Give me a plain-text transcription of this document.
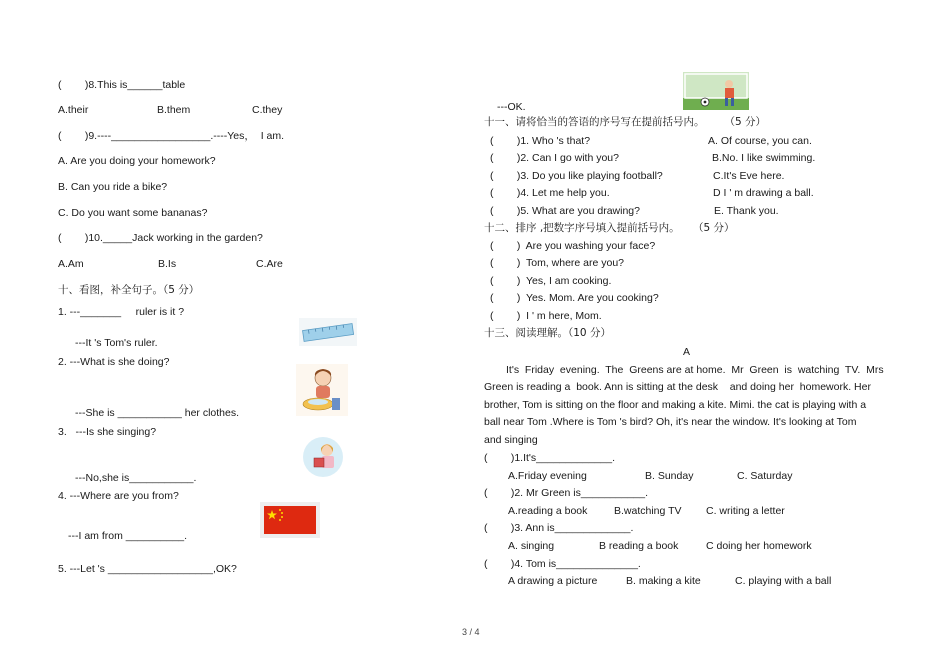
(        )8.This is______table
A.their	B.them	C.they
(        )9.----_________________.----Yes，  I am.
A. Are you doing your homework?
B. Can you ride a bike?
C. Do you want some bananas?
(        )10._____Jack working in the garden?
A.Am	B.Is	C.Are
十、看图，补全句子。（5 分）
1. ---_______     ruler is it ?
---It 's Tom's ruler.
2. ---What is she doing?
---She is ___________ her clothes.
3.   ---Is she singing?
---No,she is___________.
4. ---Where are you from?
---I am from __________.
5. ---Let 's __________________,OK?
---OK.
十一、请将恰当的答语的序号写在提前括号内。      （5 分）
(        )1. Who 's that?	A. Of course, you can.
(        )2. Can I go with you?	B.No. I like swimming.
(        )3. Do you like playing football?	C.It's Eve here.
(        )4. Let me help you.	D I ' m drawing a ball.
(        )5. What are you drawing?	E. Thank you.
十二、排序 ,把数字序号填入提前括号内。    （5 分）
(        )  Are you washing your face?
(        )  Tom, where are you?
(        )  Yes, I am cooking.
(        )  Yes. Mom. Are you cooking?
(        )  I ' m here, Mom.
十三、阅读理解。（10 分）
A
It's  Friday  evening.  The  Greens are at home.  Mr  Green  is  watching  TV.  Mrs
Green is reading a  book. Ann is sitting at the desk    and doing her  homework. Her
brother, Tom is sitting on the floor and making a kite. Mimi. the cat is playing with a
ball near Tom .Where is Tom 's bird? Oh, it's near the window. It's looking at Tom
and singing
(        )1.It's_____________.
A.Friday evening	B. Sunday	C. Saturday
(        )2. Mr Green is___________.
A.reading a book	B.watching TV C. writing a letter
(        )3. Ann is_____________.
A. singing	B reading a book	C doing her homework
(        )4. Tom is______________.
A drawing a picture	B. making a kite	C. playing with a ball
3 / 4
